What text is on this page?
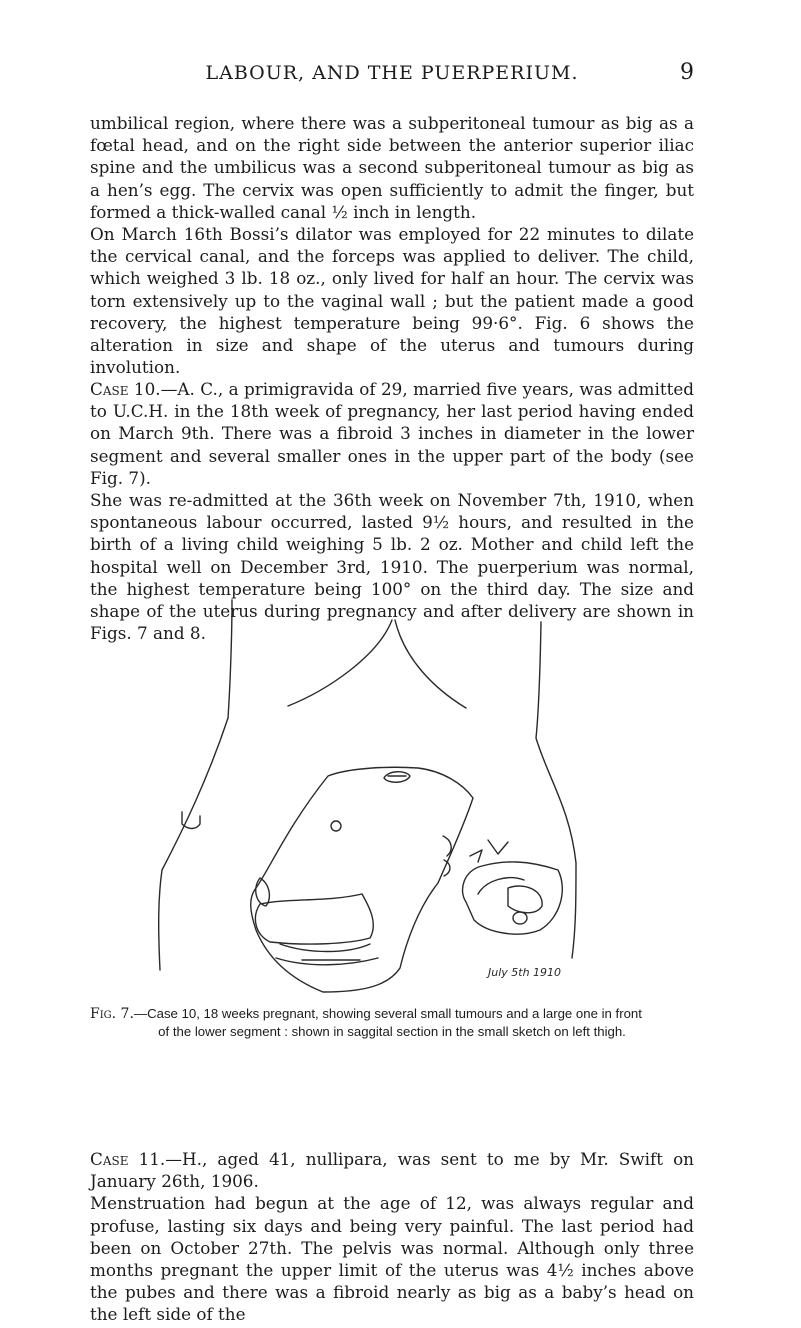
LABOUR, AND THE PUERPERIUM.	9

umbilical region, where there was a subperitoneal tumour as big as a fœtal head, and on the right side between the anterior superior iliac spine and the umbilicus was a second subperitoneal tumour as big as a hen’s egg. The cervix was open sufficiently to admit the finger, but formed a thick-walled canal ½ inch in length.

On March 16th Bossi’s dilator was employed for 22 minutes to dilate the cervical canal, and the forceps was applied to deliver. The child, which weighed 3 lb. 18 oz., only lived for half an hour. The cervix was torn extensively up to the vaginal wall ; but the patient made a good recovery, the highest temperature being 99·6°. Fig. 6 shows the alteration in size and shape of the uterus and tumours during involution.

Case 10.—A. C., a primigravida of 29, married five years, was admitted to U.C.H. in the 18th week of pregnancy, her last period having ended on March 9th. There was a fibroid 3 inches in diameter in the lower segment and several smaller ones in the upper part of the body (see Fig. 7).

She was re-admitted at the 36th week on November 7th, 1910, when spontaneous labour occurred, lasted 9½ hours, and resulted in the birth of a living child weighing 5 lb. 2 oz. Mother and child left the hospital well on December 3rd, 1910. The puerperium was normal, the highest temperature being 100° on the third day. The size and shape of the uterus during pregnancy and after delivery are shown in Figs. 7 and 8.

July 5th 1910
Fig. 7.—Case 10, 18 weeks pregnant, showing several small tumours and a large one in front
of the lower segment : shown in saggital section in the small sketch on left thigh.

Case 11.—H., aged 41, nullipara, was sent to me by Mr. Swift on January 26th, 1906.

Menstruation had begun at the age of 12, was always regular and profuse, lasting six days and being very painful. The last period had been on October 27th. The pelvis was normal. Although only three months pregnant the upper limit of the uterus was 4½ inches above the pubes and there was a fibroid nearly as big as a baby’s head on the left side of the
